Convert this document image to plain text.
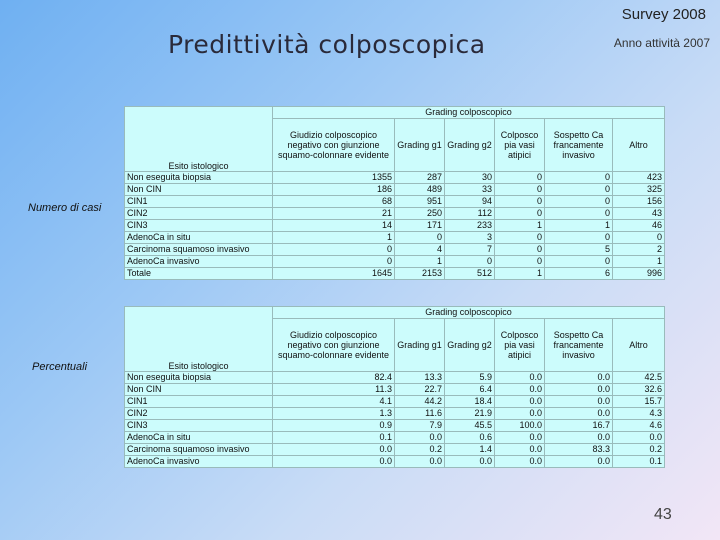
Survey 2008
Predittività colposcopica	Anno attività 2007
Numero di casi
Percentuali
Esito istologico	Grading colposcopico					
	Giudizio colposcopico negativo con giunzione squamo-colonnare evidente	Grading g1	Grading g2	Colposco pia vasi atipici	Sospetto Ca francamente invasivo	Altro
Non eseguita biopsia	1355	287	30	0	0	423
Non CIN	186	489	33	0	0	325
CIN1	68	951	94	0	0	156
CIN2	21	250	112	0	0	43
CIN3	14	171	233	1	1	46
AdenoCa in situ	1	0	3	0	0	0
Carcinoma squamoso invasivo	0	4	7	0	5	2
AdenoCa invasivo	0	1	0	0	0	1
Totale	1645	2153	512	1	6	996
Esito istologico	Grading colposcopico					
	Giudizio colposcopico negativo con giunzione squamo-colonnare evidente	Grading g1	Grading g2	Colposco pia vasi atipici	Sospetto Ca francamente invasivo	Altro
Non eseguita biopsia	82.4	13.3	5.9	0.0	0.0	42.5
Non CIN	11.3	22.7	6.4	0.0	0.0	32.6
CIN1	4.1	44.2	18.4	0.0	0.0	15.7
CIN2	1.3	11.6	21.9	0.0	0.0	4.3
CIN3	0.9	7.9	45.5	100.0	16.7	4.6
AdenoCa in situ	0.1	0.0	0.6	0.0	0.0	0.0
Carcinoma squamoso invasivo	0.0	0.2	1.4	0.0	83.3	0.2
AdenoCa invasivo	0.0	0.0	0.0	0.0	0.0	0.1
43
